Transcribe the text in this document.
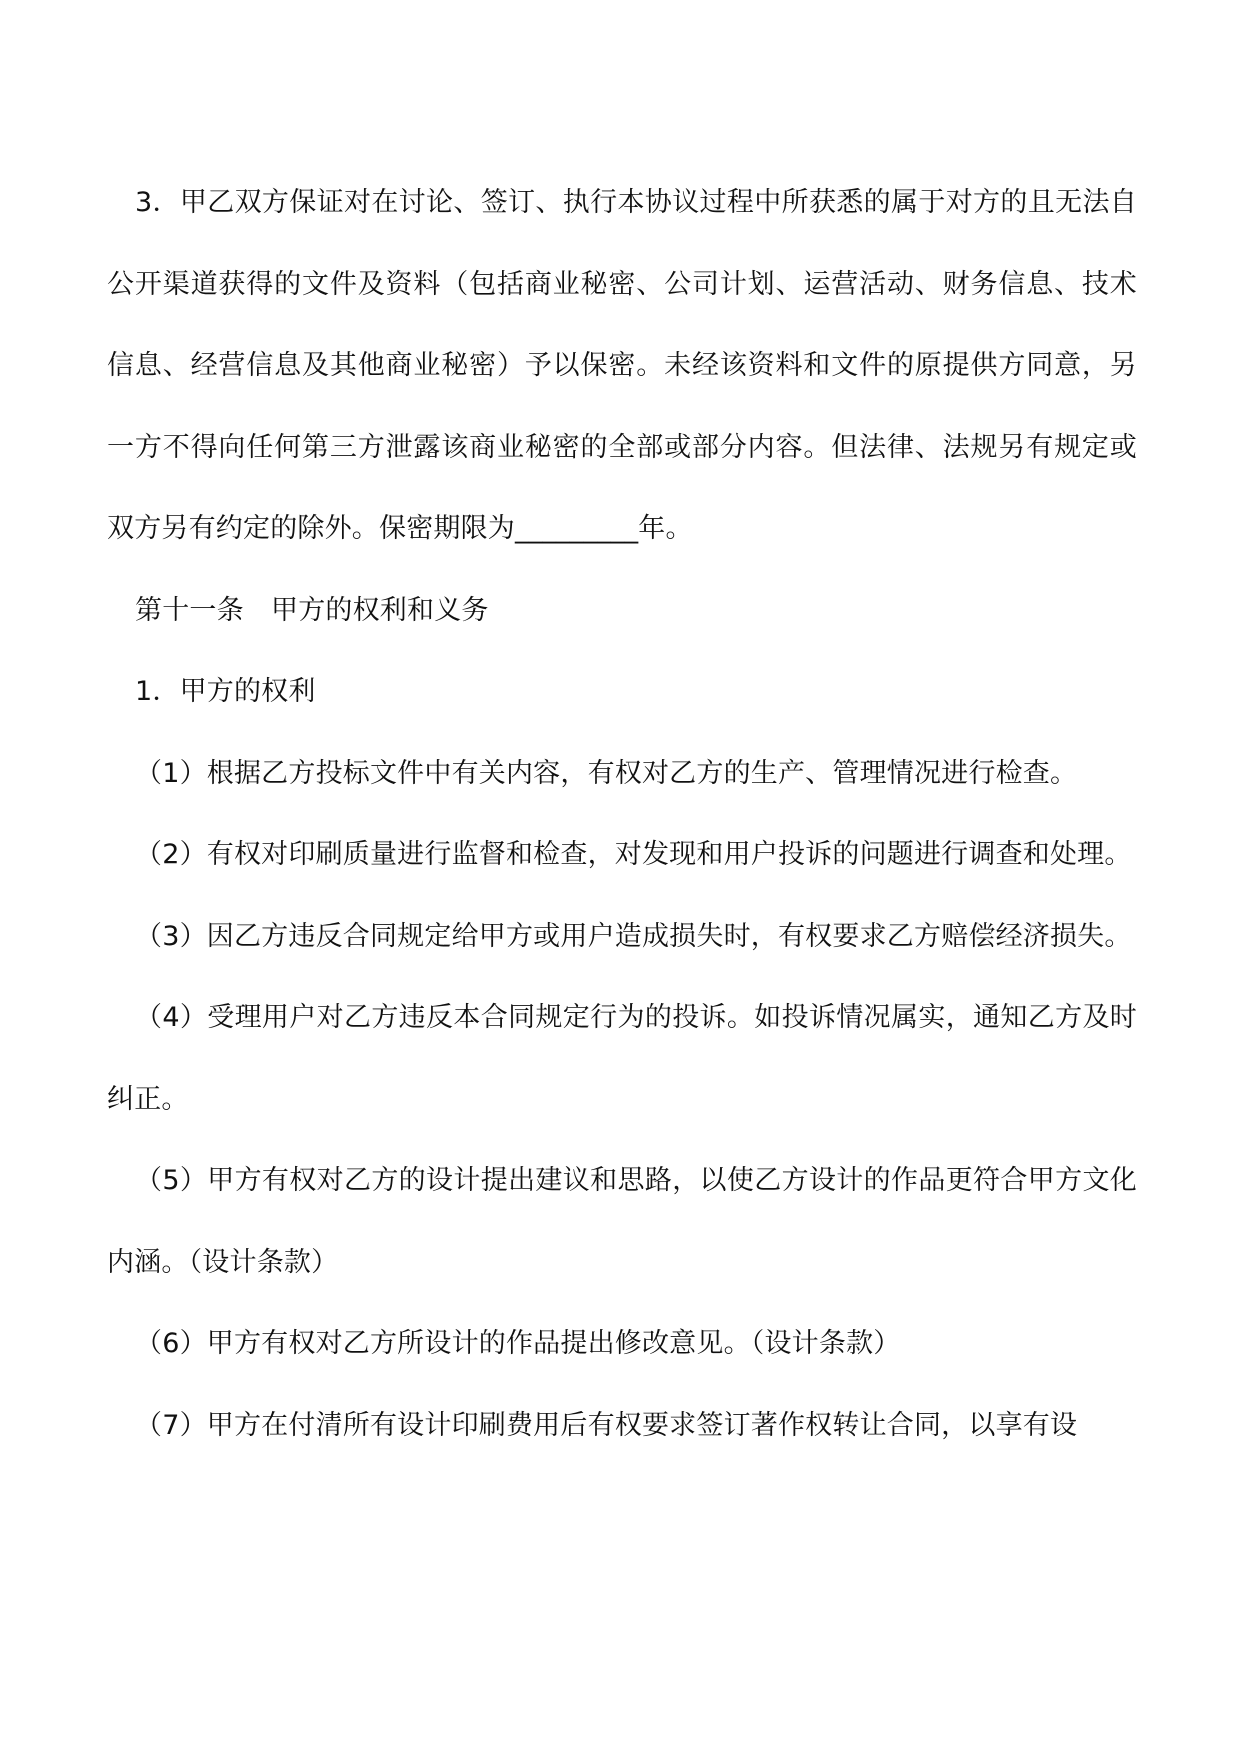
3．甲乙双方保证对在讨论、签订、执行本协议过程中所获悉的属于对方的且无法自公开渠道获得的文件及资料（包括商业秘密、公司计划、运营活动、财务信息、技术信息、经营信息及其他商业秘密）予以保密。未经该资料和文件的原提供方同意，另一方不得向任何第三方泄露该商业秘密的全部或部分内容。但法律、法规另有规定或双方另有约定的除外。保密期限为_________年。

第十一条　甲方的权利和义务

1．甲方的权利

（1）根据乙方投标文件中有关内容，有权对乙方的生产、管理情况进行检查。

（2）有权对印刷质量进行监督和检查，对发现和用户投诉的问题进行调查和处理。

（3）因乙方违反合同规定给甲方或用户造成损失时，有权要求乙方赔偿经济损失。

（4）受理用户对乙方违反本合同规定行为的投诉。如投诉情况属实，通知乙方及时纠正。

（5）甲方有权对乙方的设计提出建议和思路，以使乙方设计的作品更符合甲方文化内涵。（设计条款）

（6）甲方有权对乙方所设计的作品提出修改意见。（设计条款）

（7）甲方在付清所有设计印刷费用后有权要求签订著作权转让合同，以享有设
